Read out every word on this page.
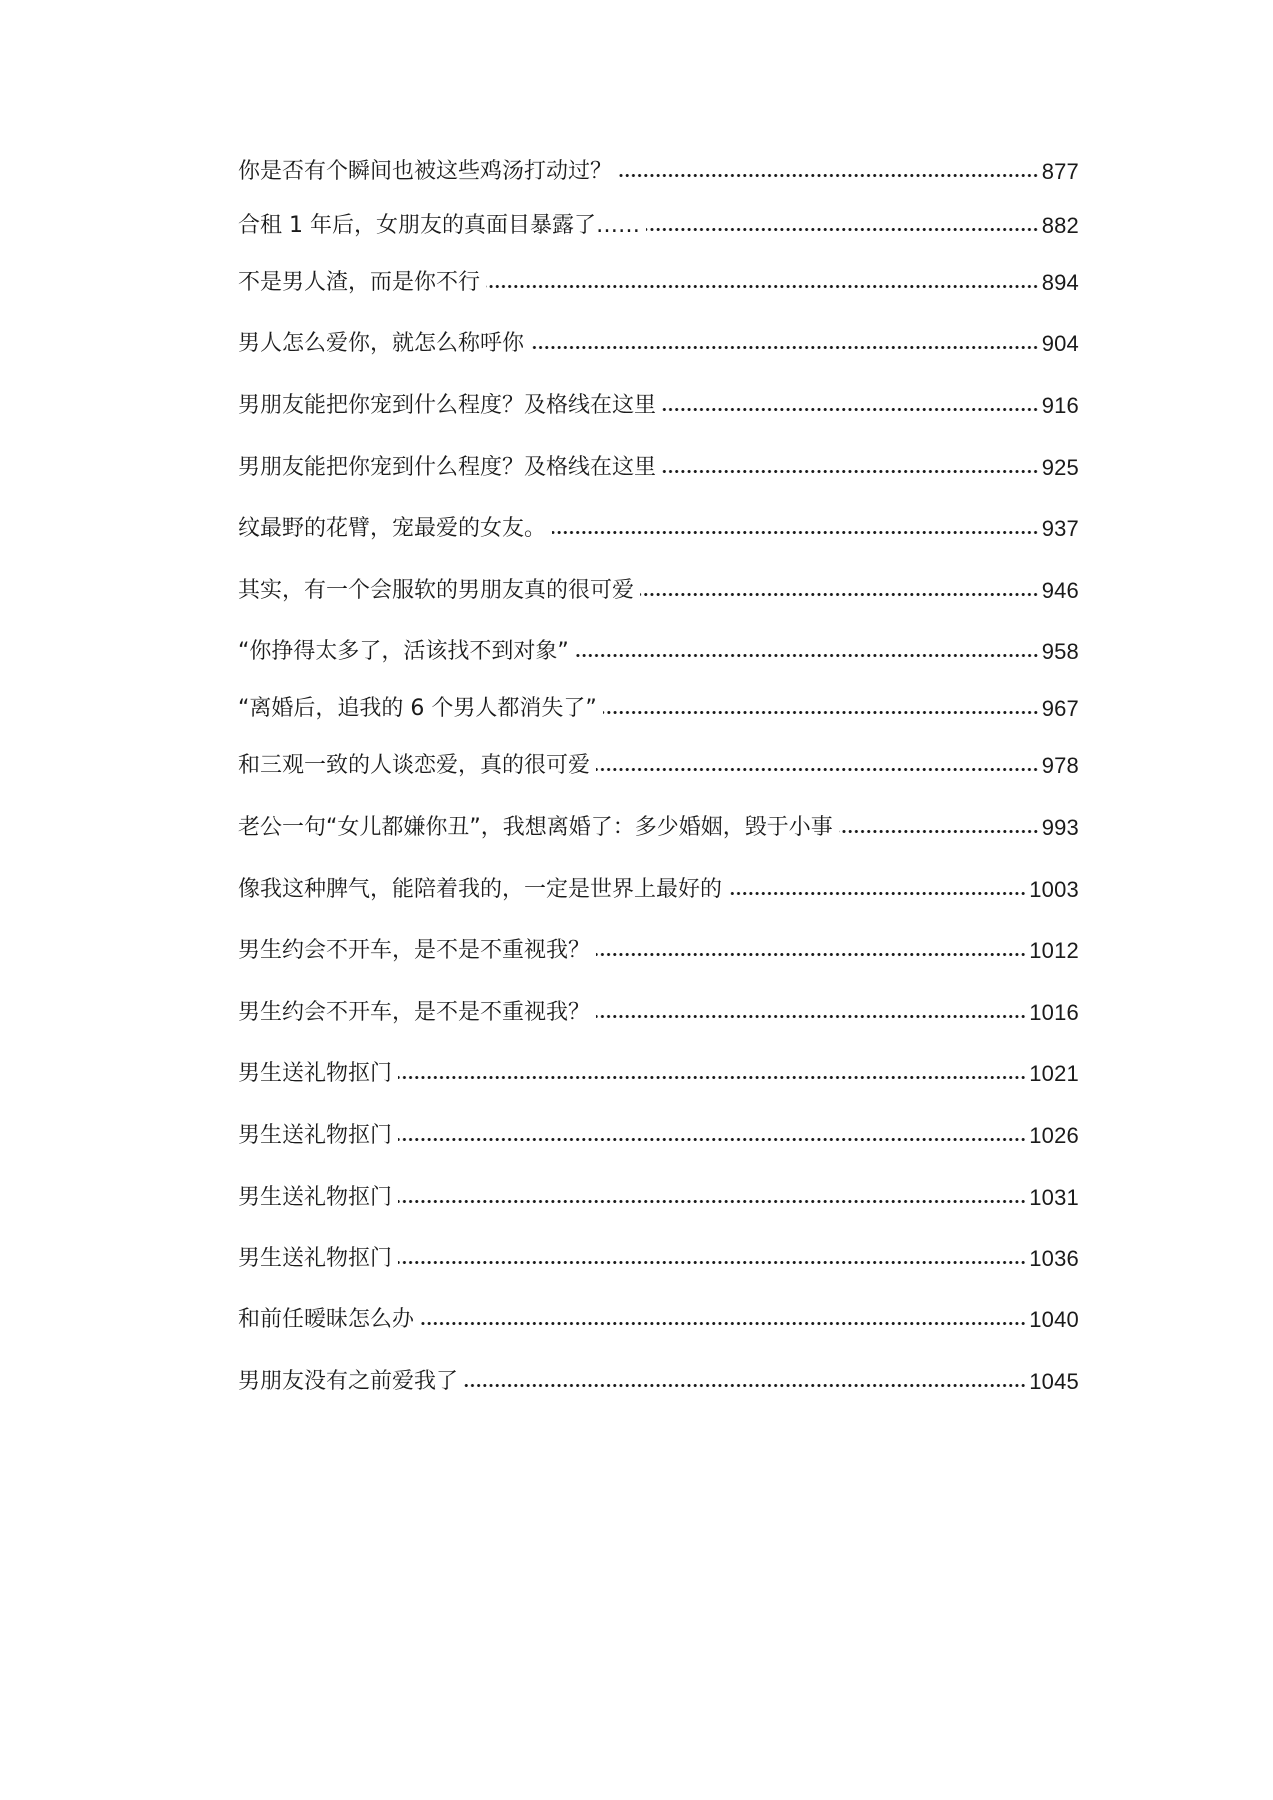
你是否有个瞬间也被这些鸡汤打动过？	877
合租 1 年后，女朋友的真面目暴露了……	882
不是男人渣，而是你不行	894
男人怎么爱你，就怎么称呼你	904
男朋友能把你宠到什么程度？及格线在这里	916
男朋友能把你宠到什么程度？及格线在这里	925
纹最野的花臂，宠最爱的女友。	937
其实，有一个会服软的男朋友真的很可爱	946
“你挣得太多了，活该找不到对象”	958
“离婚后，追我的 6 个男人都消失了”	967
和三观一致的人谈恋爱，真的很可爱	978
老公一句“女儿都嫌你丑”，我想离婚了：多少婚姻，毁于小事	993
像我这种脾气，能陪着我的，一定是世界上最好的	1003
男生约会不开车，是不是不重视我？	1012
男生约会不开车，是不是不重视我？	1016
男生送礼物抠门	1021
男生送礼物抠门	1026
男生送礼物抠门	1031
男生送礼物抠门	1036
和前任暧昧怎么办	1040
男朋友没有之前爱我了	1045
